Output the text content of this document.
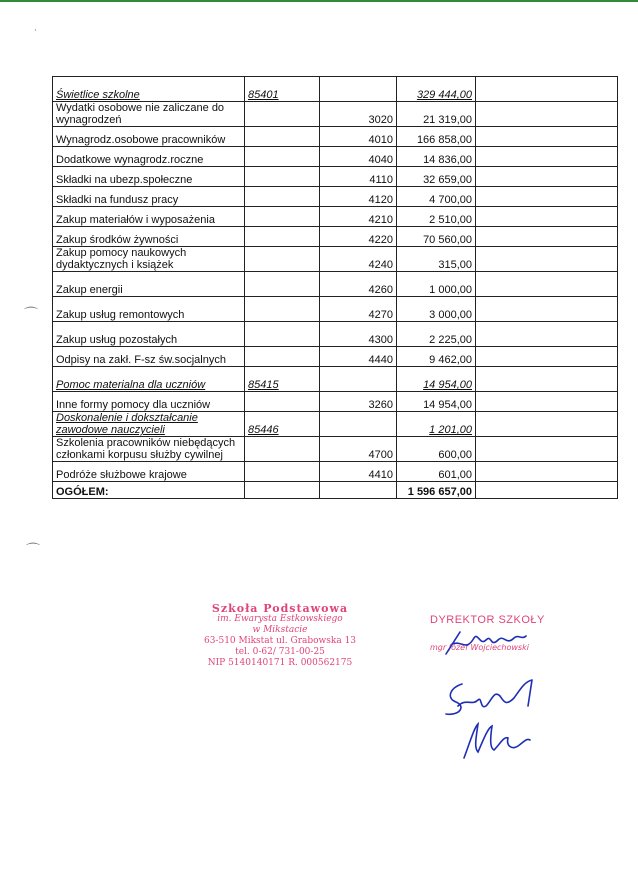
·
⌒
⌒
Świetlice szkolne	85401		329 444,00	
Wydatki osobowe nie zaliczane do wynagrodzeń		3020	21 319,00	
Wynagrodz.osobowe pracowników		4010	166 858,00	
Dodatkowe wynagrodz.roczne		4040	14 836,00	
Składki na ubezp.społeczne		4110	32 659,00	
Składki na fundusz pracy		4120	4 700,00	
Zakup materiałów i wyposażenia		4210	2 510,00	
Zakup środków żywności		4220	70 560,00	
Zakup pomocy naukowych dydaktycznych i książek		4240	315,00	
Zakup energii		4260	1 000,00	
Zakup usług remontowych		4270	3 000,00	
Zakup usług pozostałych		4300	2 225,00	
Odpisy na zakł. F-sz św.socjalnych		4440	9 462,00	
Pomoc materialna dla uczniów	85415		14 954,00	
Inne formy pomocy dla uczniów		3260	14 954,00	
Doskonalenie i dokształcanie zawodowe nauczycieli	85446		1 201,00	
Szkolenia pracowników niebędących członkami korpusu służby cywilnej		4700	600,00	
Podróże służbowe krajowe		4410	601,00	
OGÓŁEM:			1 596 657,00	
Szkoła Podstawowa
im. Ewarysta Estkowskiego
w Mikstacie
63-510 Mikstat ul. Grabowska 13
tel. 0-62/ 731-00-25
NIP 5140140171 R. 000562175
DYREKTOR SZKOŁY
mgr Józef Wojciechowski
